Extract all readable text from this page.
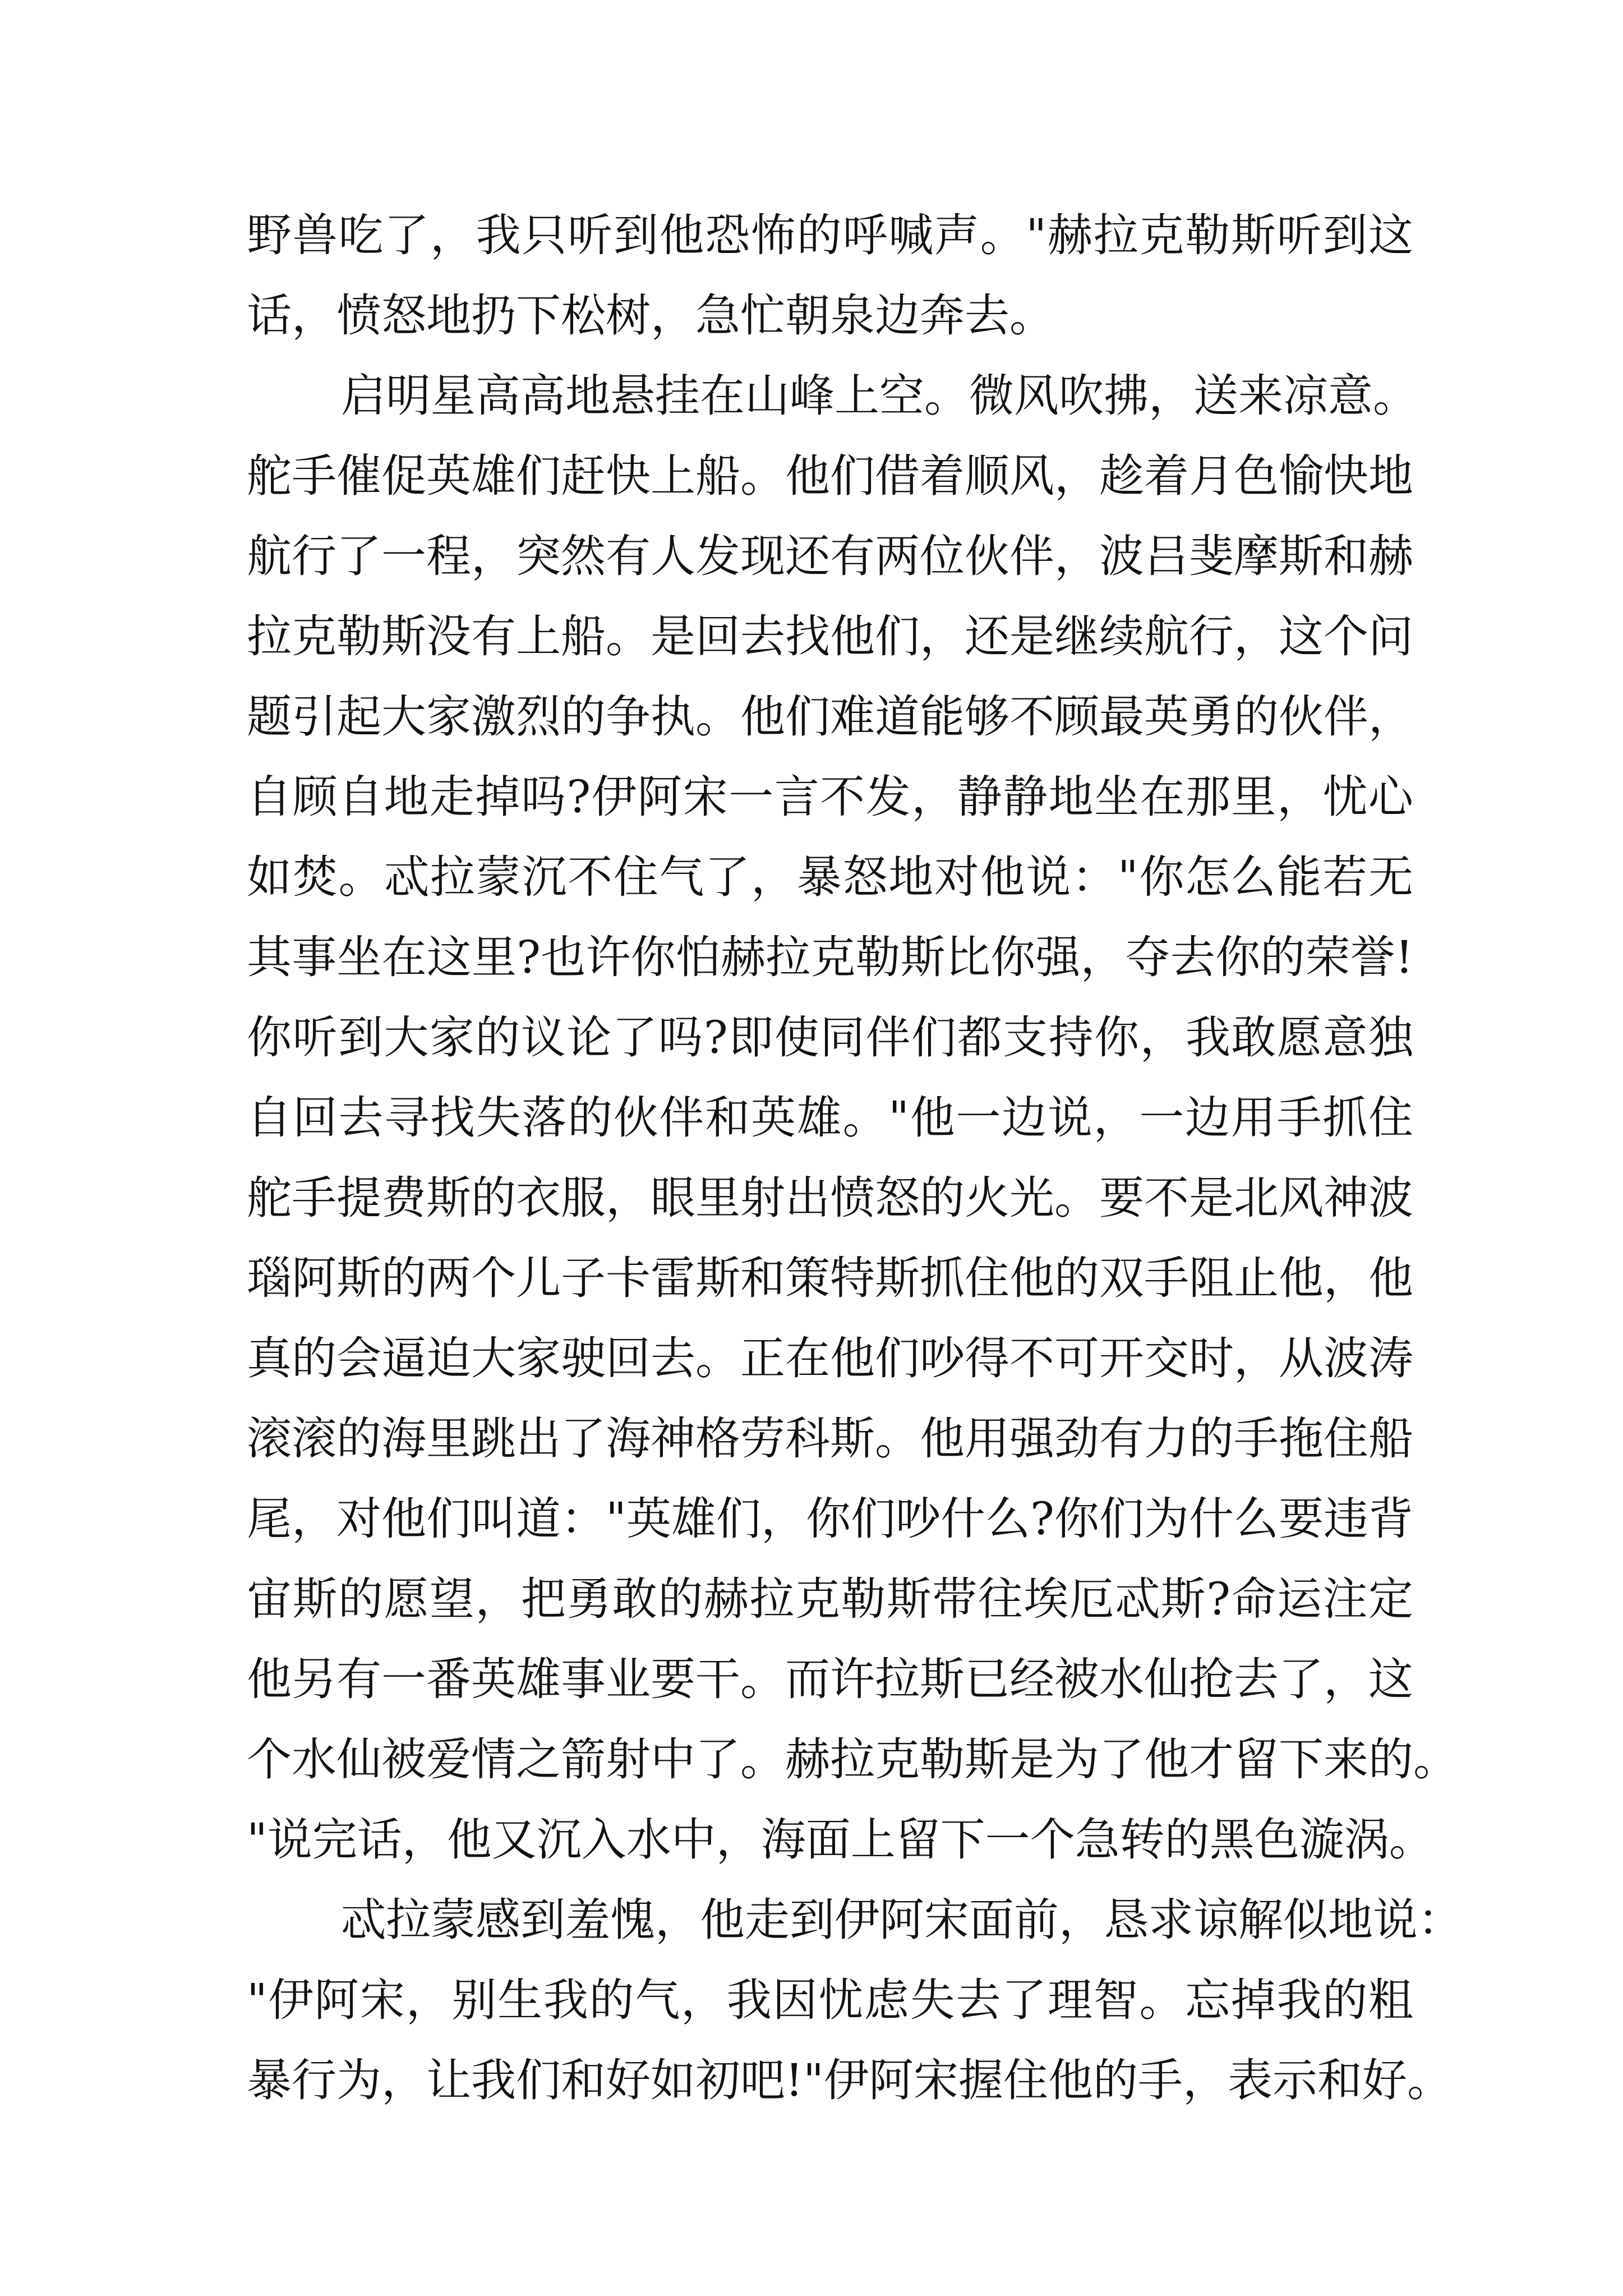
野兽吃了，我只听到他恐怖的呼喊声。"赫拉克勒斯听到这
话，愤怒地扔下松树，急忙朝泉边奔去。
启明星高高地悬挂在山峰上空。微风吹拂，送来凉意。
舵手催促英雄们赶快上船。他们借着顺风，趁着月色愉快地
航行了一程，突然有人发现还有两位伙伴，波吕斐摩斯和赫
拉克勒斯没有上船。是回去找他们，还是继续航行，这个问
题引起大家激烈的争执。他们难道能够不顾最英勇的伙伴，
自顾自地走掉吗?伊阿宋一言不发，静静地坐在那里，忧心
如焚。忒拉蒙沉不住气了，暴怒地对他说："你怎么能若无
其事坐在这里?也许你怕赫拉克勒斯比你强，夺去你的荣誉!
你听到大家的议论了吗?即使同伴们都支持你，我敢愿意独
自回去寻找失落的伙伴和英雄。"他一边说，一边用手抓住
舵手提费斯的衣服，眼里射出愤怒的火光。要不是北风神波
瑙阿斯的两个儿子卡雷斯和策特斯抓住他的双手阻止他，他
真的会逼迫大家驶回去。正在他们吵得不可开交时，从波涛
滚滚的海里跳出了海神格劳科斯。他用强劲有力的手拖住船
尾，对他们叫道："英雄们，你们吵什么?你们为什么要违背
宙斯的愿望，把勇敢的赫拉克勒斯带往埃厄忒斯?命运注定
他另有一番英雄事业要干。而许拉斯已经被水仙抢去了，这
个水仙被爱情之箭射中了。赫拉克勒斯是为了他才留下来的。
"说完话，他又沉入水中，海面上留下一个急转的黑色漩涡。
忒拉蒙感到羞愧，他走到伊阿宋面前，恳求谅解似地说：
"伊阿宋，别生我的气，我因忧虑失去了理智。忘掉我的粗
暴行为，让我们和好如初吧!"伊阿宋握住他的手，表示和好。
